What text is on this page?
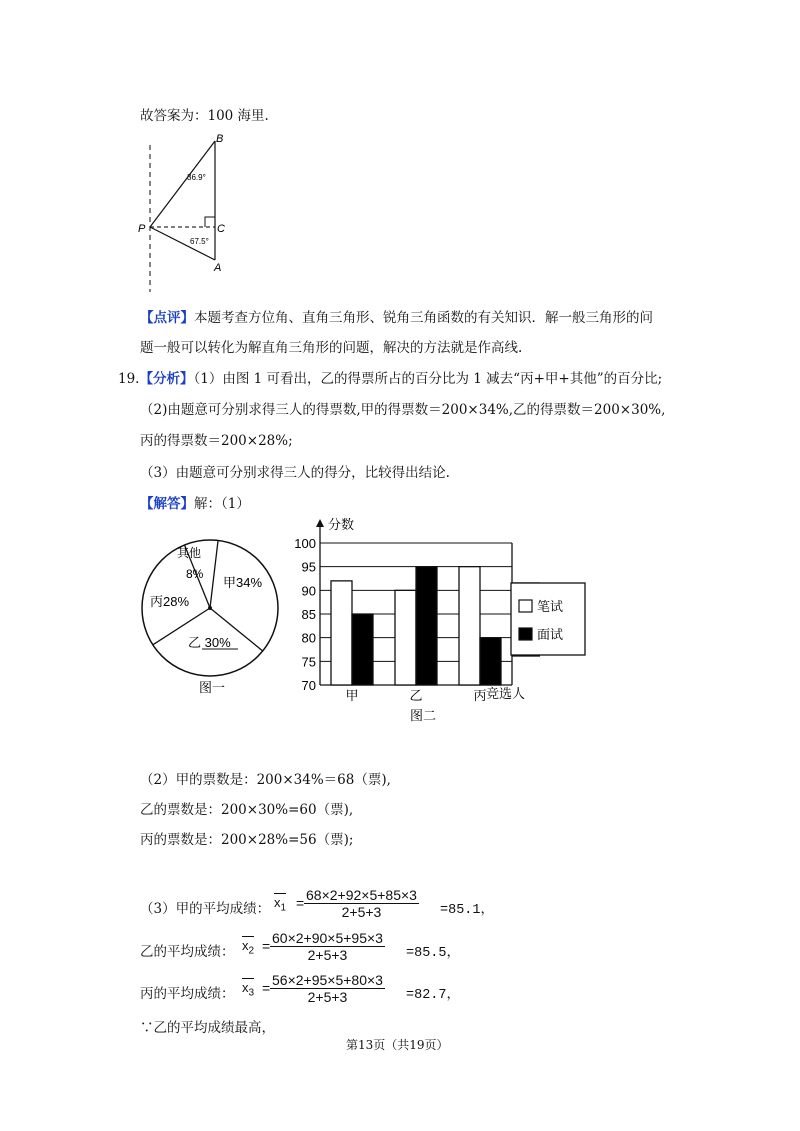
故答案为：100 海里.
B
P	C
A
36.9°
67.5°
【点评】本题考查方位角、直角三角形、锐角三角函数的有关知识．解一般三角形的问
题一般可以转化为解直角三角形的问题，解决的方法就是作高线.
19.【分析】（1）由图 1 可看出，乙的得票所占的百分比为 1 减去“丙+甲+其他”的百分比;
（2)由题意可分别求得三人的得票数,甲的得票数＝200×34%,乙的得票数＝200×30%,
丙的得票数＝200×28%;
（3）由题意可分别求得三人的得分，比较得出结论.
【解答】解：（1）
甲34%
乙 30%
丙28%
其他
8%
图一	70
75
80
85
90
95
100
甲	乙	丙
分数
竞选人
图二
笔试
面试
（2）甲的票数是：200×34%＝68（票),
乙的票数是：200×30%=60（票),
丙的票数是：200×28%=56（票);
（3）甲的平均成绩： $x_1 = \frac{68\times 2+92\times 5+85\times 3}{2+5+3} =85.1$，
乙的平均成绩： $x_2 = \frac{60\times 2+90\times 5+95\times 3}{2+5+3} =85.5$，
丙的平均成绩： $x_3 = \frac{56\times 2+95\times 5+80\times 3}{2+5+3} =82.7$，
∵乙的平均成绩最高，
第13页（共19页）
